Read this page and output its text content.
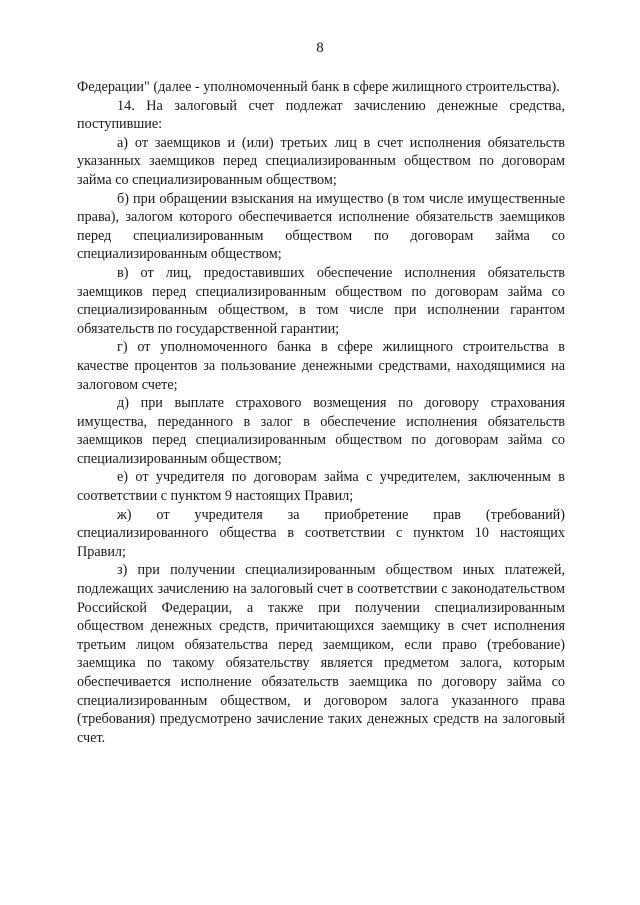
8

Федерации" (далее - уполномоченный банк в сфере жилищного строительства).

14. На залоговый счет подлежат зачислению денежные средства, поступившие:

а) от заемщиков и (или) третьих лиц в счет исполнения обязательств указанных заемщиков перед специализированным обществом по договорам займа со специализированным обществом;

б) при обращении взыскания на имущество (в том числе имущественные права), залогом которого обеспечивается исполнение обязательств заемщиков перед специализированным обществом по договорам займа со специализированным обществом;

в) от лиц, предоставивших обеспечение исполнения обязательств заемщиков перед специализированным обществом по договорам займа со специализированным обществом, в том числе при исполнении гарантом обязательств по государственной гарантии;

г) от уполномоченного банка в сфере жилищного строительства в качестве процентов за пользование денежными средствами, находящимися на залоговом счете;

д) при выплате страхового возмещения по договору страхования имущества, переданного в залог в обеспечение исполнения обязательств заемщиков перед специализированным обществом по договорам займа со специализированным обществом;

е) от учредителя по договорам займа с учредителем, заключенным в соответствии с пунктом 9 настоящих Правил;

ж) от учредителя за приобретение прав (требований) специализированного общества в соответствии с пунктом 10 настоящих Правил;

з) при получении специализированным обществом иных платежей, подлежащих зачислению на залоговый счет в соответствии с законодательством Российской Федерации, а также при получении специализированным обществом денежных средств, причитающихся заемщику в счет исполнения третьим лицом обязательства перед заемщиком, если право (требование) заемщика по такому обязательству является предметом залога, которым обеспечивается исполнение обязательств заемщика по договору займа со специализированным обществом, и договором залога указанного права (требования) предусмотрено зачисление таких денежных средств на залоговый счет.
